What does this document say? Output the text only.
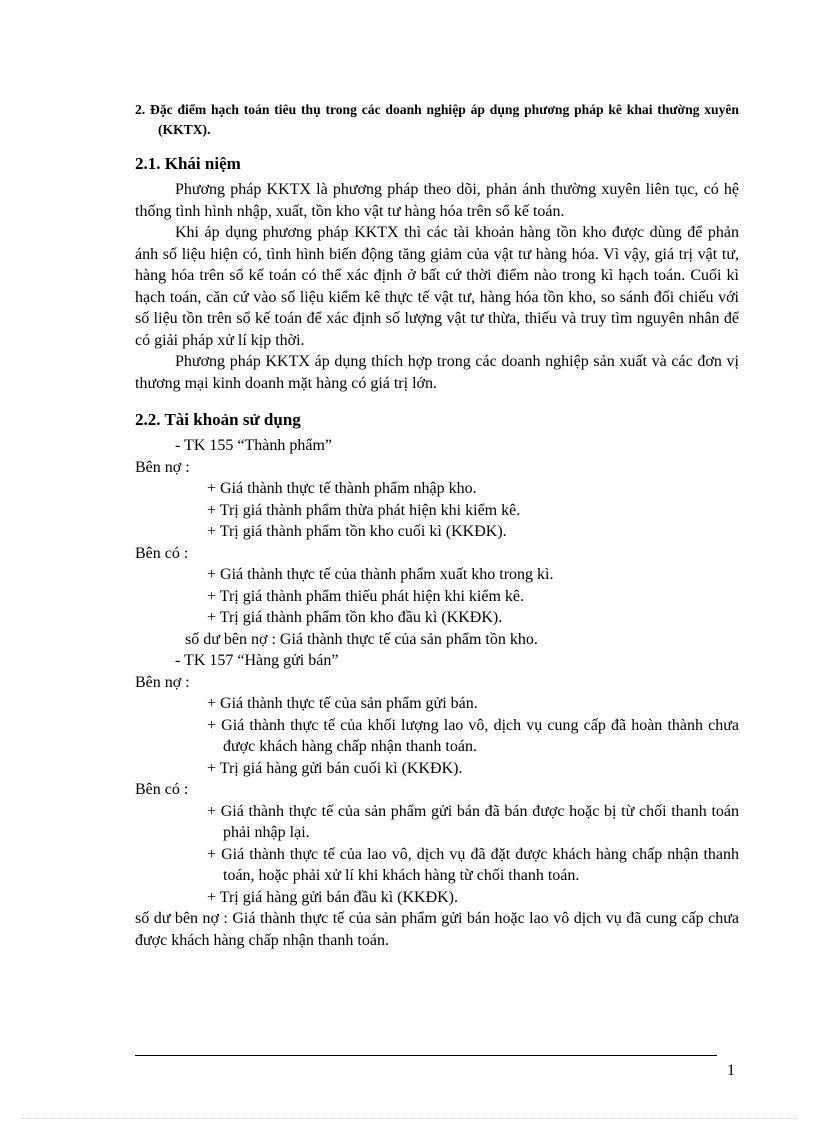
2. Đặc điểm hạch toán tiêu thụ trong các doanh nghiệp áp dụng phương pháp kê khai thường xuyên (KKTX).

2.1. Khái niệm

Phương pháp KKTX là phương pháp theo dõi, phản ánh thường xuyên liên tục, có hệ thống tình hình nhập, xuất, tồn kho vật tư hàng hóa trên sổ kế toán.

Khi áp dụng phương pháp KKTX thì các tài khoản hàng tồn kho được dùng để phản ánh số liệu hiện có, tình hình biến động tăng giảm của vật tư hàng hóa. Vì vậy, giá trị vật tư, hàng hóa trên sổ kế toán có thể xác định ở bất cứ thời điểm nào trong kì hạch toán. Cuối kì hạch toán, căn cứ vào số liệu kiểm kê thực tế vật tư, hàng hóa tồn kho, so sánh đối chiếu với số liệu tồn trên sổ kế toán để xác định số lượng vật tư thừa, thiếu và truy tìm nguyên nhân để có giải pháp xử lí kịp thời.

Phương pháp KKTX áp dụng thích hợp trong các doanh nghiệp sản xuất và các đơn vị thương mại kinh doanh mặt hàng có giá trị lớn.

2.2. Tài khoản sử dụng

- TK 155 “Thành phẩm”

Bên nợ :

+ Giá thành thực tế thành phẩm nhập kho.

+ Trị giá thành phẩm thừa phát hiện khi kiểm kê.

+ Trị giá thành phẩm tồn kho cuối kì (KKĐK).

Bên có :

+ Giá thành thực tế của thành phẩm xuất kho trong kì.

+ Trị giá thành phẩm thiếu phát hiện khi kiểm kê.

+ Trị giá thành phẩm tồn kho đầu kì (KKĐK).

số dư bên nợ : Giá thành thực tế của sản phẩm tồn kho.

- TK 157 “Hàng gửi bán”

Bên nợ :

+ Giá thành thực tế của sản phẩm gửi bán.

+ Giá thành thực tế của khối lượng lao vô, dịch vụ cung cấp đã hoàn thành chưa được khách hàng chấp nhận thanh toán.

+ Trị giá hàng gửi bán cuối kì (KKĐK).

Bên có :

+ Giá thành thực tế của sản phẩm gửi bán đã bán được hoặc bị từ chối thanh toán phải nhập lại.

+ Giá thành thực tế của lao vô, dịch vụ đã đặt được khách hàng chấp nhận thanh toán, hoặc phải xử lí khi khách hàng từ chối thanh toán.

+ Trị giá hàng gửi bán đầu kì (KKĐK).

số dư bên nợ : Giá thành thực tế của sản phẩm gửi bán hoặc lao vô dịch vụ đã cung cấp chưa được khách hàng chấp nhận thanh toán.

1
